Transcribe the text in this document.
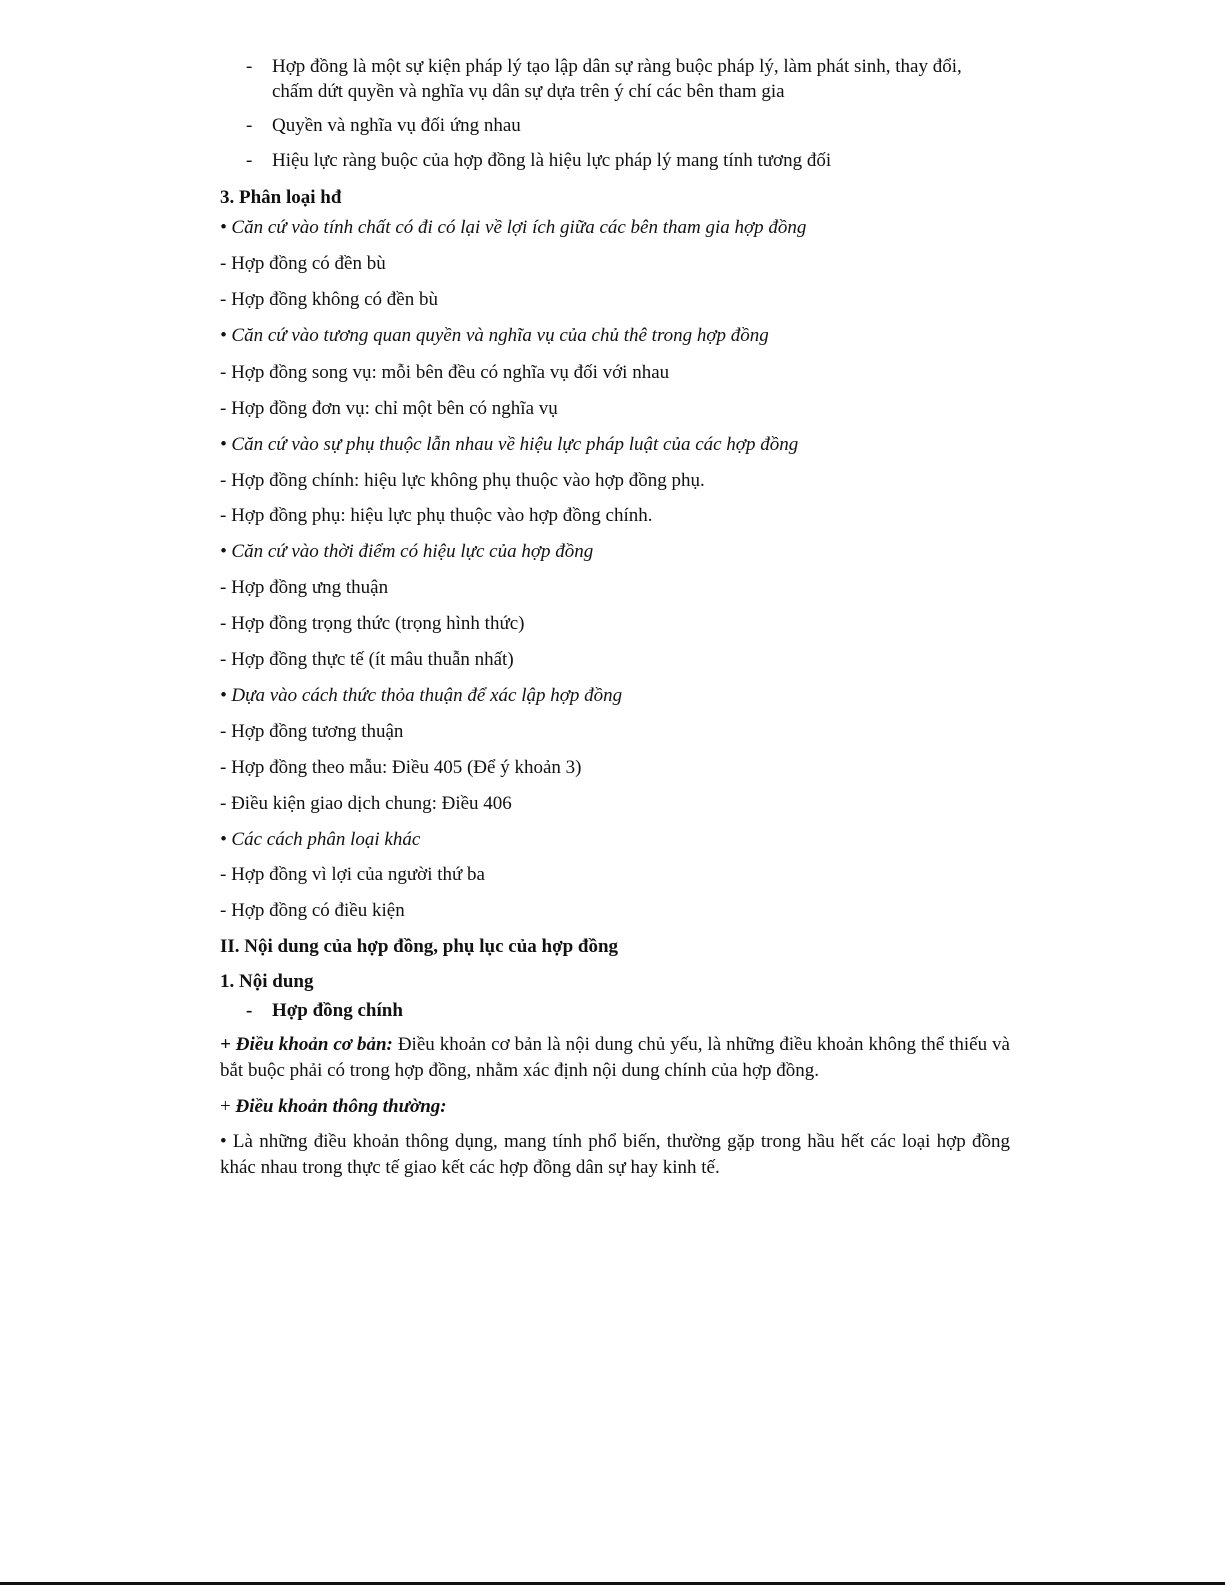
- Hợp đồng là một sự kiện pháp lý tạo lập dân sự ràng buộc pháp lý, làm phát sinh, thay đổi, chấm dứt quyền và nghĩa vụ dân sự dựa trên ý chí các bên tham gia
- Quyền và nghĩa vụ đối ứng nhau
- Hiệu lực ràng buộc của hợp đồng là hiệu lực pháp lý mang tính tương đối
3. Phân loại hđ
• Căn cứ vào tính chất có đi có lại về lợi ích giữa các bên tham gia hợp đồng
- Hợp đồng có đền bù
- Hợp đồng không có đền bù
• Căn cứ vào tương quan quyền và nghĩa vụ của chủ thê trong hợp đồng
- Hợp đồng song vụ: mỗi bên đều có nghĩa vụ đối với nhau
- Hợp đồng đơn vụ: chỉ một bên có nghĩa vụ
• Căn cứ vào sự phụ thuộc lẫn nhau về hiệu lực pháp luật của các hợp đồng
- Hợp đồng chính: hiệu lực không phụ thuộc vào hợp đồng phụ.
- Hợp đồng phụ: hiệu lực phụ thuộc vào hợp đồng chính.
• Căn cứ vào thời điểm có hiệu lực của hợp đồng
- Hợp đồng ưng thuận
- Hợp đồng trọng thức (trọng hình thức)
- Hợp đồng thực tế (ít mâu thuẫn nhất)
• Dựa vào cách thức thỏa thuận để xác lập hợp đồng
- Hợp đồng tương thuận
- Hợp đồng theo mẫu: Điều 405 (Để ý khoản 3)
- Điều kiện giao dịch chung: Điều 406
• Các cách phân loại khác
- Hợp đồng vì lợi của người thứ ba
- Hợp đồng có điều kiện
II. Nội dung của hợp đồng, phụ lục của hợp đồng
1. Nội dung
- Hợp đồng chính
+ Điều khoản cơ bản: Điều khoản cơ bản là nội dung chủ yếu, là những điều khoản không thể thiếu và bắt buộc phải có trong hợp đồng, nhằm xác định nội dung chính của hợp đồng.
+ Điều khoản thông thường:
• Là những điều khoản thông dụng, mang tính phổ biến, thường gặp trong hầu hết các loại hợp đồng khác nhau trong thực tế giao kết các hợp đồng dân sự hay kinh tế.
